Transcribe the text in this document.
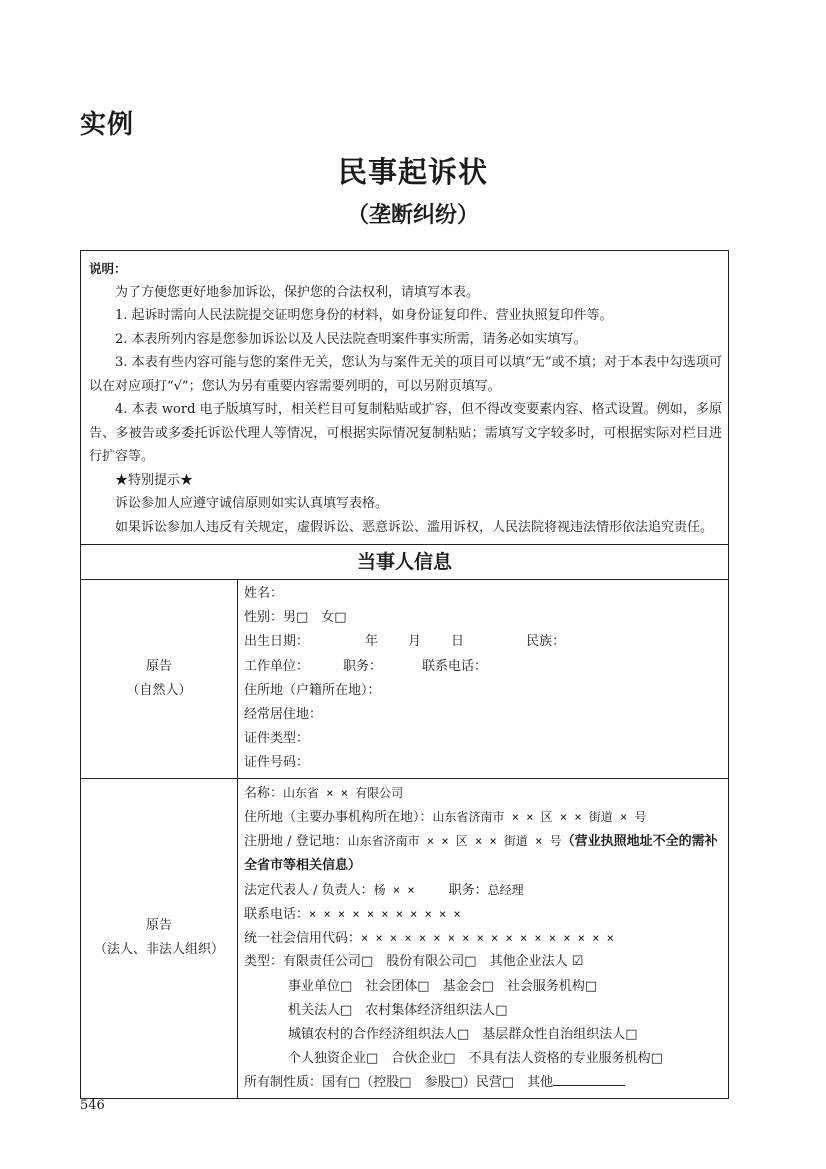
实例
民事起诉状
（垄断纠纷）

说明：

为了方便您更好地参加诉讼，保护您的合法权利，请填写本表。

1. 起诉时需向人民法院提交证明您身份的材料，如身份证复印件、营业执照复印件等。

2. 本表所列内容是您参加诉讼以及人民法院查明案件事实所需，请务必如实填写。

3. 本表有些内容可能与您的案件无关，您认为与案件无关的项目可以填“无”或不填；对于本表中勾选项可以在对应项打“√”；您认为另有重要内容需要列明的，可以另附页填写。

4. 本表 word 电子版填写时，相关栏目可复制粘贴或扩容，但不得改变要素内容、格式设置。例如，多原告、多被告或多委托诉讼代理人等情况，可根据实际情况复制粘贴；需填写文字较多时，可根据实际对栏目进行扩容等。

★特别提示★

诉讼参加人应遵守诚信原则如实认真填写表格。

如果诉讼参加人违反有关规定，虚假诉讼、恶意诉讼、滥用诉权，人民法院将视违法情形依法追究责任。

当事人信息
原告
（自然人）
姓名：
性别：男□　女□
出生日期：	年 月 日	民族：
工作单位：	职务：	联系电话：
住所地（户籍所在地）：
经常居住地：
证件类型：
证件号码：
原告
（法人、非法人组织）
名称：山东省 × × 有限公司
住所地（主要办事机构所在地）：山东省济南市 × × 区 × × 街道 × 号
注册地 / 登记地：山东省济南市 × × 区 × × 街道 × 号（营业执照地址不全的需补全省市等相关信息）
法定代表人 / 负责人：杨 × ×	职务：总经理
联系电话：× × × × × × × × × × ×
统一社会信用代码：× × × × × × × × × × × × × × × × × ×
类型：有限责任公司□　股份有限公司□　其他企业法人 ☑
事业单位□　社会团体□　基金会□　社会服务机构□
机关法人□　农村集体经济组织法人□
城镇农村的合作经济组织法人□　基层群众性自治组织法人□
个人独资企业□　合伙企业□　不具有法人资格的专业服务机构□
所有制性质：国有□（控股□　参股□）民营□　其他
546
